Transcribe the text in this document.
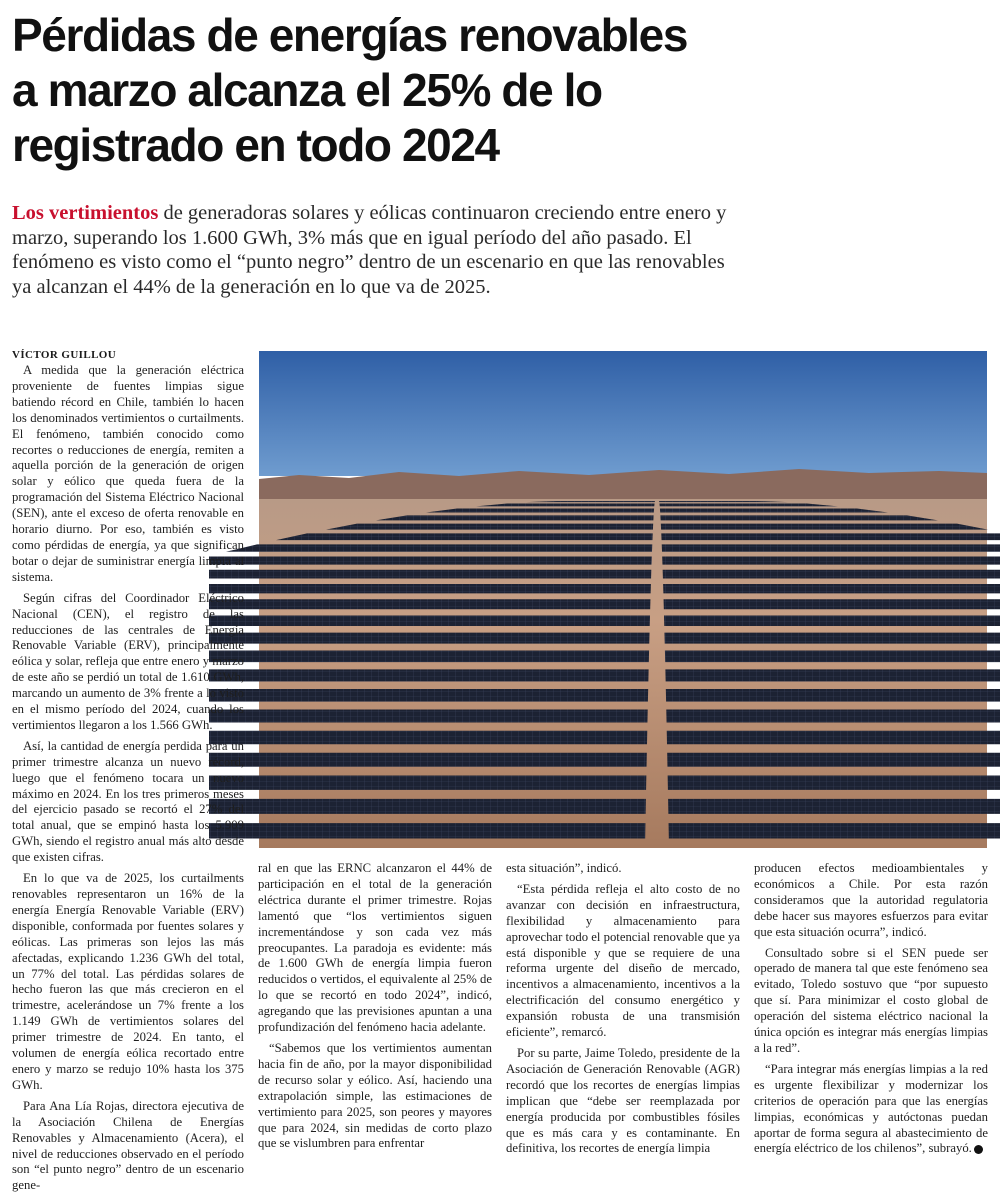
Pérdidas de energías renovables
a marzo alcanza el 25% de lo
registrado en todo 2024
Los vertimientos de generadoras solares y eólicas continuaron creciendo entre enero y marzo, superando los 1.600 GWh, 3% más que en igual período del año pasado. El fenómeno es visto como el “punto negro” dentro de un escenario en que las renovables ya alcanzan el 44% de la generación en lo que va de 2025.
VÍCTOR GUILLOU

A medida que la generación eléctrica proveniente de fuentes limpias sigue batiendo récord en Chile, también lo hacen los denominados vertimientos o curtailments. El fenómeno, también conocido como recortes o reducciones de energía, remiten a aquella porción de la generación de origen solar y eólico que queda fuera de la programación del Sistema Eléctrico Nacional (SEN), ante el exceso de oferta renovable en horario diurno. Por eso, también es visto como pérdidas de energía, ya que significan botar o dejar de suministrar energía limpia al sistema.

Según cifras del Coordinador Eléctrico Nacional (CEN), el registro de las reducciones de las centrales de Energía Renovable Variable (ERV), principalmente eólica y solar, refleja que entre enero y marzo de este año se perdió un total de 1.610 GWh, marcando un aumento de 3% frente a lo visto en el mismo período del 2024, cuando los vertimientos llegaron a los 1.566 GWh.

Así, la cantidad de energía perdida para un primer trimestre alcanza un nuevo récord, luego que el fenómeno tocara un nuevo máximo en 2024. En los tres primeros meses del ejercicio pasado se recortó el 27% del total anual, que se empinó hasta los 5.909 GWh, siendo el registro anual más alto desde que existen cifras.

En lo que va de 2025, los curtailments renovables representaron un 16% de la energía Energía Renovable Variable (ERV) disponible, conformada por fuentes solares y eólicas. Las primeras son lejos las más afectadas, explicando 1.236 GWh del total, un 77% del total. Las pérdidas solares de hecho fueron las que más crecieron en el trimestre, acelerándose un 7% frente a los 1.149 GWh de vertimientos solares del primer trimestre de 2024. En tanto, el volumen de energía eólica recortado entre enero y marzo se redujo 10% hasta los 375 GWh.

Para Ana Lía Rojas, directora ejecutiva de la Asociación Chilena de Energías Renovables y Almacenamiento (Acera), el nivel de reducciones observado en el período son “el punto negro” dentro de un escenario gene-

ral en que las ERNC alcanzaron el 44% de participación en el total de la generación eléctrica durante el primer trimestre. Rojas lamentó que “los vertimientos siguen incrementándose y son cada vez más preocupantes. La paradoja es evidente: más de 1.600 GWh de energía limpia fueron reducidos o vertidos, el equivalente al 25% de lo que se recortó en todo 2024”, indicó, agregando que las previsiones apuntan a una profundización del fenómeno hacia adelante.

“Sabemos que los vertimientos aumentan hacia fin de año, por la mayor disponibilidad de recurso solar y eólico. Así, haciendo una extrapolación simple, las estimaciones de vertimiento para 2025, son peores y mayores que para 2024, sin medidas de corto plazo que se vislumbren para enfrentar

esta situación”, indicó.

“Esta pérdida refleja el alto costo de no avanzar con decisión en infraestructura, flexibilidad y almacenamiento para aprovechar todo el potencial renovable que ya está disponible y que se requiere de una reforma urgente del diseño de mercado, incentivos a almacenamiento, incentivos a la electrificación del consumo energético y expansión robusta de una transmisión eficiente”, remarcó.

Por su parte, Jaime Toledo, presidente de la Asociación de Generación Renovable (AGR) recordó que los recortes de energías limpias implican que “debe ser reemplazada por energía producida por combustibles fósiles que es más cara y es contaminante. En definitiva, los recortes de energía limpia

producen efectos medioambientales y económicos a Chile. Por esta razón consideramos que la autoridad regulatoria debe hacer sus mayores esfuerzos para evitar que esta situación ocurra”, indicó.

Consultado sobre si el SEN puede ser operado de manera tal que este fenómeno sea evitado, Toledo sostuvo que “por supuesto que sí. Para minimizar el costo global de operación del sistema eléctrico nacional la única opción es integrar más energías limpias a la red”.

“Para integrar más energías limpias a la red es urgente flexibilizar y modernizar los criterios de operación para que las energías limpias, económicas y autóctonas puedan aportar de forma segura al abastecimiento de energía eléctrico de los chilenos”, subrayó.
